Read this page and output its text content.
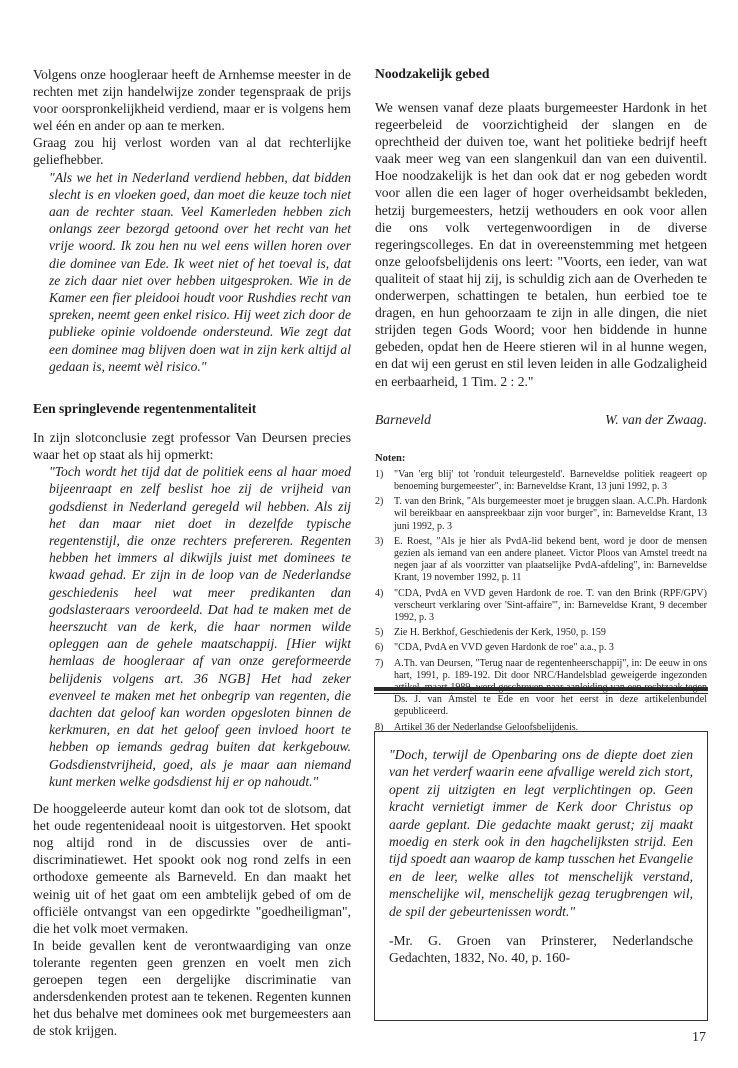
Volgens onze hoogleraar heeft de Arnhemse meester in de rechten met zijn handelwijze zonder tegenspraak de prijs voor oorspronkelijkheid verdiend, maar er is volgens hem wel één en ander op aan te merken.

Graag zou hij verlost worden van al dat rechterlijke geliefhebber.

"Als we het in Nederland verdiend hebben, dat bidden slecht is en vloeken goed, dan moet die keuze toch niet aan de rechter staan. Veel Kamerleden hebben zich onlangs zeer bezorgd getoond over het recht van het vrije woord. Ik zou hen nu wel eens willen horen over die dominee van Ede. Ik weet niet of het toeval is, dat ze zich daar niet over hebben uitgesproken. Wie in de Kamer een fier pleidooi houdt voor Rushdies recht van spreken, neemt geen enkel risico. Hij weet zich door de publieke opinie voldoende ondersteund. Wie zegt dat een dominee mag blijven doen wat in zijn kerk altijd al gedaan is, neemt wèl risico."

Een springlevende regentenmentaliteit

In zijn slotconclusie zegt professor Van Deursen precies waar het op staat als hij opmerkt:

"Toch wordt het tijd dat de politiek eens al haar moed bijeenraapt en zelf beslist hoe zij de vrijheid van godsdienst in Nederland geregeld wil hebben. Als zij het dan maar niet doet in dezelfde typische regentenstijl, die onze rechters prefereren. Regenten hebben het immers al dikwijls juist met dominees te kwaad gehad. Er zijn in de loop van de Nederlandse geschiedenis heel wat meer predikanten dan godslasteraars veroordeeld. Dat had te maken met de heerszucht van de kerk, die haar normen wilde opleggen aan de gehele maatschappij. [Hier wijkt hemlaas de hoogleraar af van onze gereformeerde belijdenis volgens art. 36 NGB] Het had zeker evenveel te maken met het onbegrip van regenten, die dachten dat geloof kan worden opgesloten binnen de kerkmuren, en dat het geloof geen invloed hoort te hebben op iemands gedrag buiten dat kerkgebouw. Godsdienstvrijheid, goed, als je maar aan niemand kunt merken welke godsdienst hij er op nahoudt."

De hooggeleerde auteur komt dan ook tot de slotsom, dat het oude regentenideaal nooit is uitgestorven. Het spookt nog altijd rond in de discussies over de anti-discriminatiewet. Het spookt ook nog rond zelfs in een orthodoxe gemeente als Barneveld. En dan maakt het weinig uit of het gaat om een ambtelijk gebed of om de officiële ontvangst van een opgedirkte "goedheiligman", die het volk moet vermaken.

In beide gevallen kent de verontwaardiging van onze tolerante regenten geen grenzen en voelt men zich geroepen tegen een dergelijke discriminatie van andersdenkenden protest aan te tekenen. Regenten kunnen het dus behalve met dominees ook met burgemeesters aan de stok krijgen.

Noodzakelijk gebed

We wensen vanaf deze plaats burgemeester Hardonk in het regeerbeleid de voorzichtigheid der slangen en de oprechtheid der duiven toe, want het politieke bedrijf heeft vaak meer weg van een slangenkuil dan van een duiventil. Hoe noodzakelijk is het dan ook dat er nog gebeden wordt voor allen die een lager of hoger overheidsambt bekleden, hetzij burgemeesters, hetzij wethouders en ook voor allen die ons volk vertegenwoordigen in de diverse regeringscolleges. En dat in overeenstemming met hetgeen onze geloofsbelijdenis ons leert: "Voorts, een ieder, van wat qualiteit of staat hij zij, is schuldig zich aan de Overheden te onderwerpen, schattingen te betalen, hun eerbied toe te dragen, en hun gehoorzaam te zijn in alle dingen, die niet strijden tegen Gods Woord; voor hen biddende in hunne gebeden, opdat hen de Heere stieren wil in al hunne wegen, en dat wij een gerust en stil leven leiden in alle Godzaligheid en eerbaarheid, 1 Tim. 2 : 2."

Barneveld	W. van der Zwaag.

Noten:

1) "Van 'erg blij' tot 'ronduit teleurgesteld'. Barneveldse politiek reageert op benoeming burgemeester", in: Barneveldse Krant, 13 juni 1992, p. 3
2) T. van den Brink, "Als burgemeester moet je bruggen slaan. A.C.Ph. Hardonk wil bereikbaar en aanspreekbaar zijn voor burger", in: Barneveldse Krant, 13 juni 1992, p. 3
3) E. Roest, "Als je hier als PvdA-lid bekend bent, word je door de mensen gezien als iemand van een andere planeet. Victor Ploos van Amstel treedt na negen jaar af als voorzitter van plaatselijke PvdA-afdeling", in: Barneveldse Krant, 19 november 1992, p. 11
4) "CDA, PvdA en VVD geven Hardonk de roe. T. van den Brink (RPF/GPV) verscheurt verklaring over 'Sint-affaire'", in: Barneveldse Krant, 9 december 1992, p. 3
5) Zie H. Berkhof, Geschiedenis der Kerk, 1950, p. 159
6) "CDA, PvdA en VVD geven Hardonk de roe" a.a., p. 3
7) A.Th. van Deursen, "Terug naar de regentenheerschappij", in: De eeuw in ons hart, 1991, p. 189-192. Dit door NRC/Handelsblad geweigerde ingezonden Ds. J. van Amstel te Ede en voor het eerst in deze artikelenbundel gepubliceerd.
8) Artikel 36 der Nederlandse Geloofsbelijdenis.

"Doch, terwijl de Openbaring ons de diepte doet zien van het verderf waarin eene afvallige wereld zich stort, opent zij uitzigten en legt verplichtingen op. Geen kracht vernietigt immer de Kerk door Christus op aarde geplant. Die gedachte maakt gerust; zij maakt moedig en sterk ook in den hagchelijksten strijd. Een tijd spoedt aan waarop de kamp tusschen het Evangelie en de leer, welke alles tot menschelijk verstand, menschelijke wil, menschelijk gezag terugbrengen wil, de spil der gebeurtenissen wordt."

-Mr. G. Groen van Prinsterer, Nederlandsche Gedachten, 1832, No. 40, p. 160-

17
